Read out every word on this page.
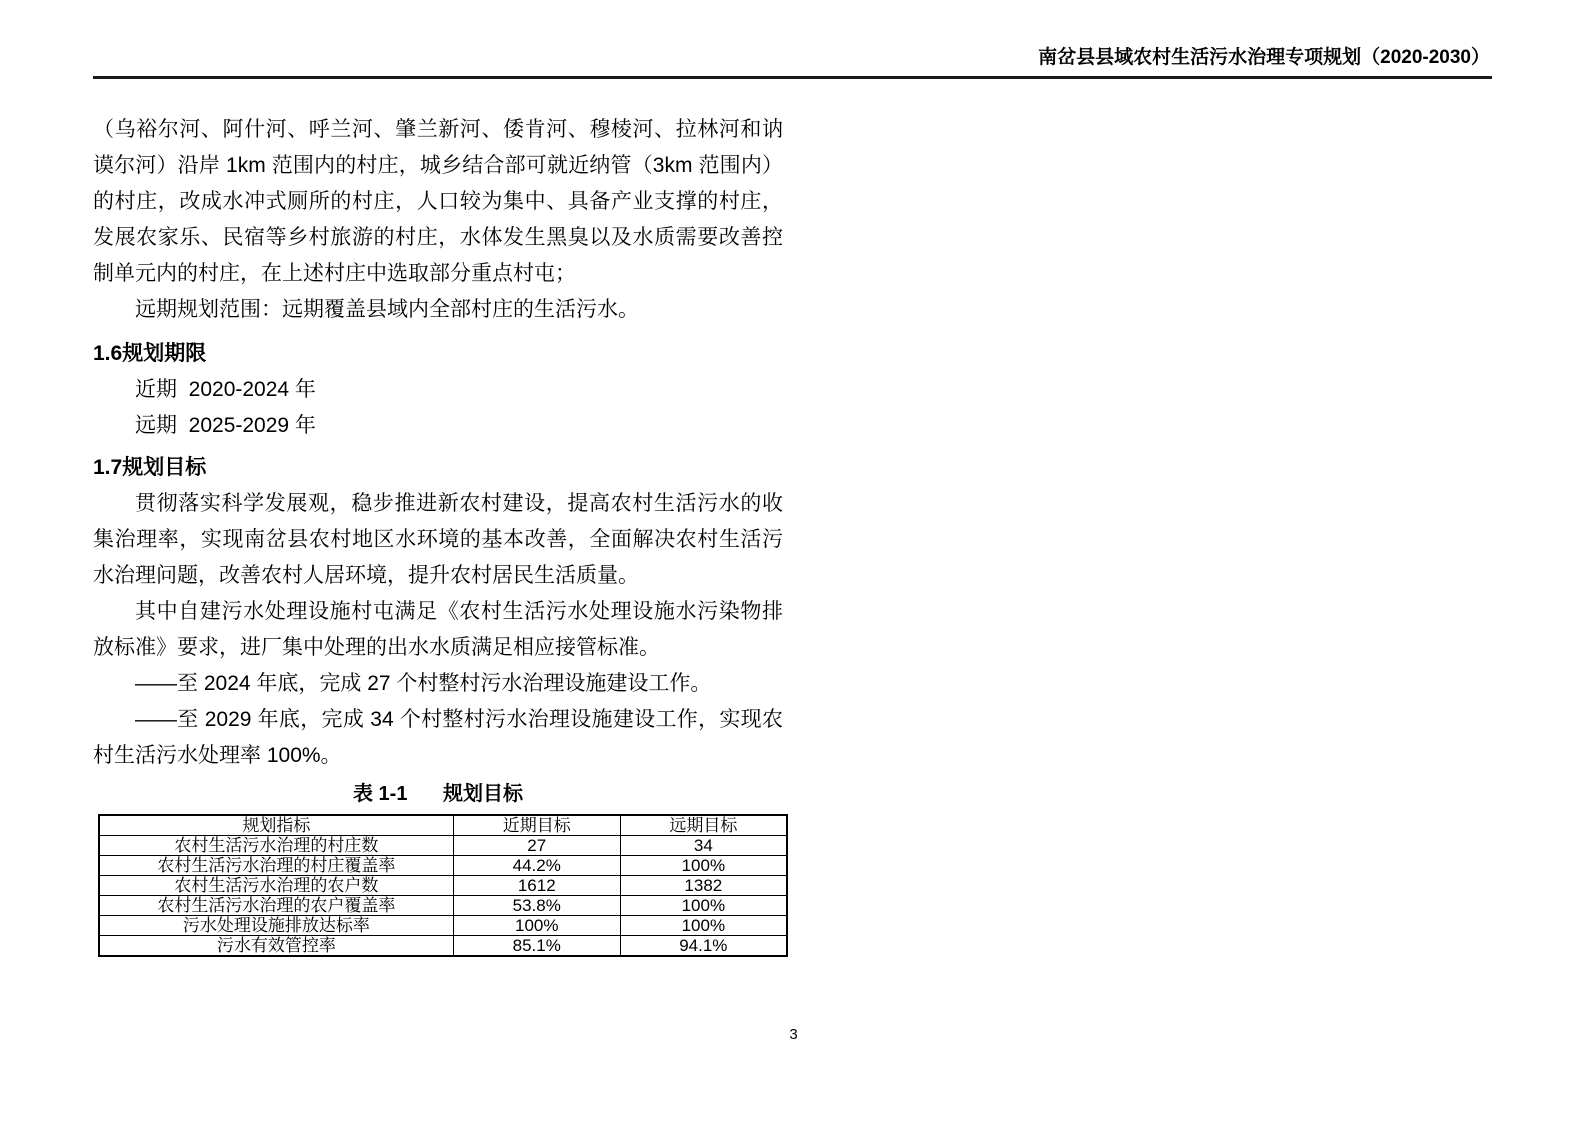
南岔县县域农村生活污水治理专项规划（2020-2030）

（乌裕尔河、阿什河、呼兰河、肇兰新河、倭肯河、穆棱河、拉林河和讷谟尔河）沿岸 1km 范围内的村庄，城乡结合部可就近纳管（3km 范围内）的村庄，改成水冲式厕所的村庄，人口较为集中、具备产业支撑的村庄，发展农家乐、民宿等乡村旅游的村庄，水体发生黑臭以及水质需要改善控制单元内的村庄，在上述村庄中选取部分重点村屯；

远期规划范围：远期覆盖县域内全部村庄的生活污水。

1.6规划期限

近期  2020-2024 年

远期  2025-2029 年

1.7规划目标

贯彻落实科学发展观，稳步推进新农村建设，提高农村生活污水的收集治理率，实现南岔县农村地区水环境的基本改善，全面解决农村生活污水治理问题，改善农村人居环境，提升农村居民生活质量。

其中自建污水处理设施村屯满足《农村生活污水处理设施水污染物排放标准》要求，进厂集中处理的出水水质满足相应接管标准。

——至 2024 年底，完成 27 个村整村污水治理设施建设工作。

——至 2029 年底，完成 34 个村整村污水治理设施建设工作，实现农村生活污水处理率 100%。

表 1-1 规划目标
规划指标	近期目标	远期目标
农村生活污水治理的村庄数	27	34
农村生活污水治理的村庄覆盖率	44.2%	100%
农村生活污水治理的农户数	1612	1382
农村生活污水治理的农户覆盖率	53.8%	100%
污水处理设施排放达标率	100%	100%
污水有效管控率	85.1%	94.1%
3
